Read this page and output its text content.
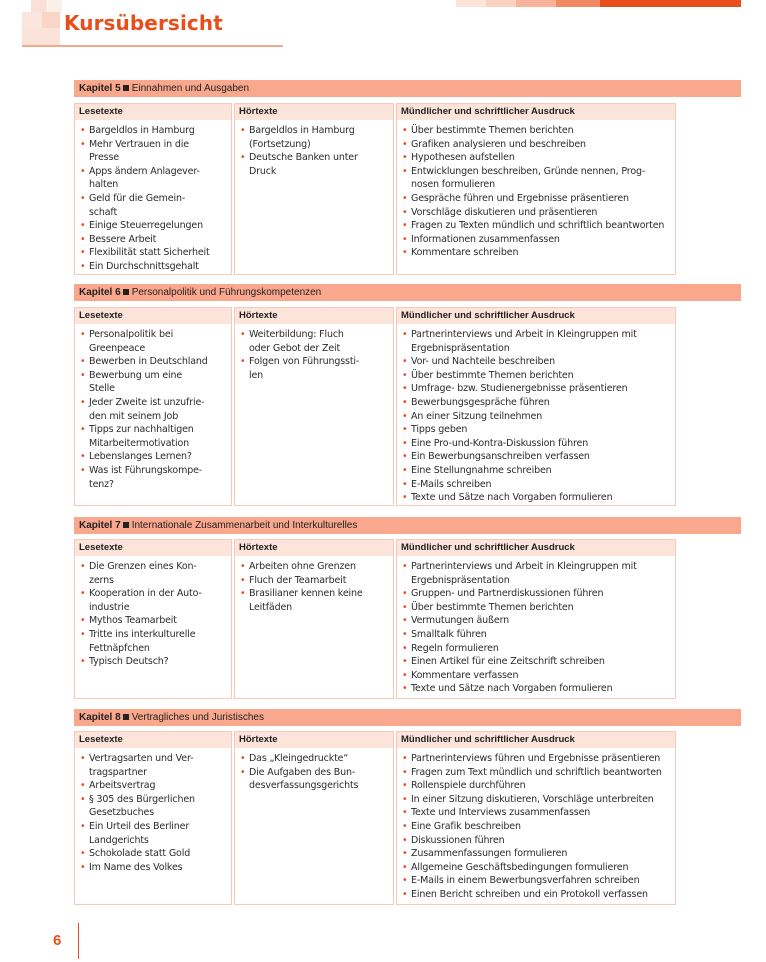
Kursübersicht
Kapitel 5 Einnahmen und Ausgaben
Lesetexte
• Bargeldlos in Hamburg
• Mehr Vertrauen in die
Presse
• Apps ändern Anlagever-
halten
• Geld für die Gemein-
schaft
• Einige Steuerregelungen
• Bessere Arbeit
• Flexibilität statt Sicherheit
• Ein Durchschnittsgehalt
Hörtexte
• Bargeldlos in Hamburg
(Fortsetzung)
• Deutsche Banken unter
Druck
Mündlicher und schriftlicher Ausdruck
• Über bestimmte Themen berichten
• Grafiken analysieren und beschreiben
• Hypothesen aufstellen
• Entwicklungen beschreiben, Gründe nennen, Prog-
nosen formulieren
• Gespräche führen und Ergebnisse präsentieren
• Vorschläge diskutieren und präsentieren
• Fragen zu Texten mündlich und schriftlich beantworten
• Informationen zusammenfassen
• Kommentare schreiben
Kapitel 6 Personalpolitik und Führungskompetenzen
Lesetexte
• Personalpolitik bei
Greenpeace
• Bewerben in Deutschland
• Bewerbung um eine
Stelle
• Jeder Zweite ist unzufrie-
den mit seinem Job
• Tipps zur nachhaltigen
Mitarbeitermotivation
• Lebenslanges Lernen?
• Was ist Führungskompe-
tenz?
Hörtexte
• Weiterbildung: Fluch
oder Gebot der Zeit
• Folgen von Führungssti-
len
Mündlicher und schriftlicher Ausdruck
• Partnerinterviews und Arbeit in Kleingruppen mit
Ergebnispräsentation
• Vor- und Nachteile beschreiben
• Über bestimmte Themen berichten
• Umfrage- bzw. Studienergebnisse präsentieren
• Bewerbungsgespräche führen
• An einer Sitzung teilnehmen
• Tipps geben
• Eine Pro-und-Kontra-Diskussion führen
• Ein Bewerbungsanschreiben verfassen
• Eine Stellungnahme schreiben
• E-Mails schreiben
• Texte und Sätze nach Vorgaben formulieren
Kapitel 7 Internationale Zusammenarbeit und Interkulturelles
Lesetexte
• Die Grenzen eines Kon-
zerns
• Kooperation in der Auto-
industrie
• Mythos Teamarbeit
• Tritte ins interkulturelle
Fettnäpfchen
• Typisch Deutsch?
Hörtexte
• Arbeiten ohne Grenzen
• Fluch der Teamarbeit
• Brasilianer kennen keine
Leitfäden
Mündlicher und schriftlicher Ausdruck
• Partnerinterviews und Arbeit in Kleingruppen mit
Ergebnispräsentation
• Gruppen- und Partnerdiskussionen führen
• Über bestimmte Themen berichten
• Vermutungen äußern
• Smalltalk führen
• Regeln formulieren
• Einen Artikel für eine Zeitschrift schreiben
• Kommentare verfassen
• Texte und Sätze nach Vorgaben formulieren
Kapitel 8 Vertragliches und Juristisches
Lesetexte
• Vertragsarten und Ver-
tragspartner
• Arbeitsvertrag
• § 305 des Bürgerlichen
Gesetzbuches
• Ein Urteil des Berliner
Landgerichts
• Schokolade statt Gold
• Im Name des Volkes
Hörtexte
• Das „Kleingedruckte“
• Die Aufgaben des Bun-
desverfassungsgerichts
Mündlicher und schriftlicher Ausdruck
• Partnerinterviews führen und Ergebnisse präsentieren
• Fragen zum Text mündlich und schriftlich beantworten
• Rollenspiele durchführen
• In einer Sitzung diskutieren, Vorschläge unterbreiten
• Texte und Interviews zusammenfassen
• Eine Grafik beschreiben
• Diskussionen führen
• Zusammenfassungen formulieren
• Allgemeine Geschäftsbedingungen formulieren
• E-Mails in einem Bewerbungsverfahren schreiben
• Einen Bericht schreiben und ein Protokoll verfassen
6
